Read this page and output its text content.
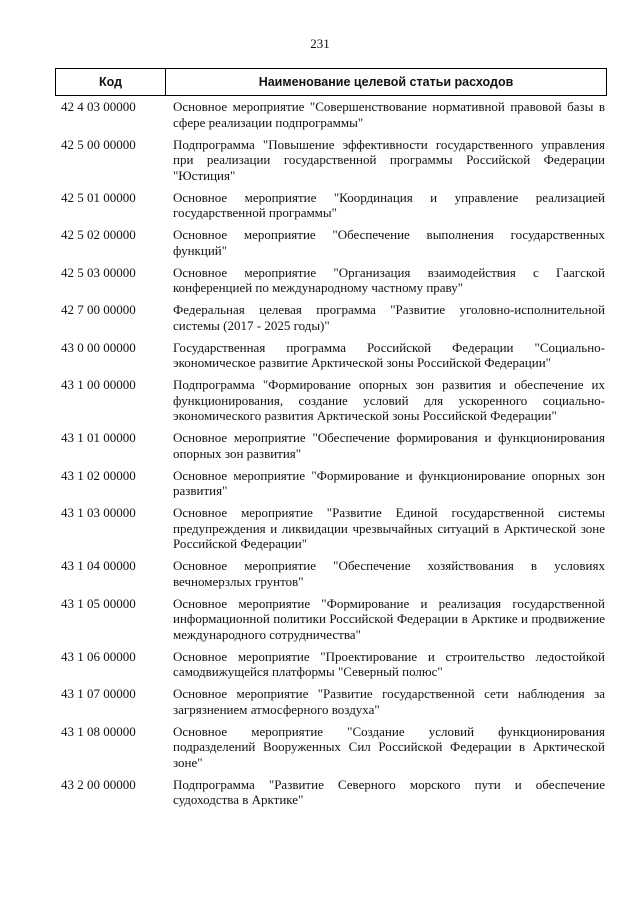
231
Код	Наименование целевой статьи расходов
42 4 03 00000	Основное мероприятие "Совершенствование нормативной правовой базы в сфере реализации подпрограммы"
42 5 00 00000	Подпрограмма "Повышение эффективности государственного управления при реализации государственной программы Российской Федерации "Юстиция"
42 5 01 00000	Основное мероприятие "Координация и управление реализацией государственной программы"
42 5 02 00000	Основное мероприятие "Обеспечение выполнения государственных функций"
42 5 03 00000	Основное мероприятие "Организация взаимодействия с Гаагской конференцией по международному частному праву"
42 7 00 00000	Федеральная целевая программа "Развитие уголовно-исполнительной системы (2017 - 2025 годы)"
43 0 00 00000	Государственная программа Российской Федерации "Социально-экономическое развитие Арктической зоны Российской Федерации"
43 1 00 00000	Подпрограмма "Формирование опорных зон развития и обеспечение их функционирования, создание условий для ускоренного социально-экономического развития Арктической зоны Российской Федерации"
43 1 01 00000	Основное мероприятие "Обеспечение формирования и функционирования опорных зон развития"
43 1 02 00000	Основное мероприятие "Формирование и функционирование опорных зон развития"
43 1 03 00000	Основное мероприятие "Развитие Единой государственной системы предупреждения и ликвидации чрезвычайных ситуаций в Арктической зоне Российской Федерации"
43 1 04 00000	Основное мероприятие "Обеспечение хозяйствования в условиях вечномерзлых грунтов"
43 1 05 00000	Основное мероприятие "Формирование и реализация государственной информационной политики Российской Федерации в Арктике и продвижение международного сотрудничества"
43 1 06 00000	Основное мероприятие "Проектирование и строительство ледостойкой самодвижущейся платформы "Северный полюс"
43 1 07 00000	Основное мероприятие "Развитие государственной сети наблюдения за загрязнением атмосферного воздуха"
43 1 08 00000	Основное мероприятие "Создание условий функционирования подразделений Вооруженных Сил Российской Федерации в Арктической зоне"
43 2 00 00000	Подпрограмма "Развитие Северного морского пути и обеспечение судоходства в Арктике"
